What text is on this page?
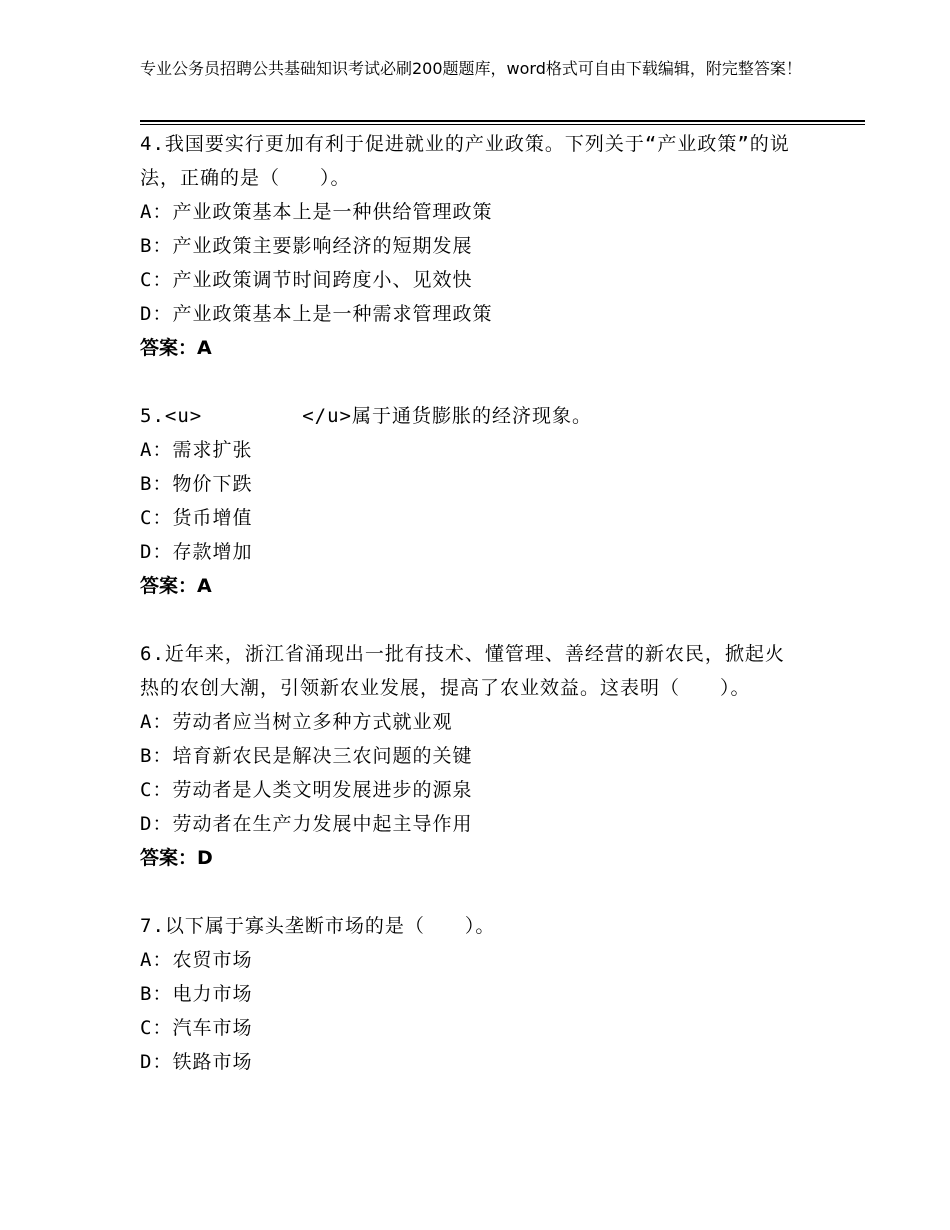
专业公务员招聘公共基础知识考试必刷200题题库，word格式可自由下载编辑，附完整答案！
4.我国要实行更加有利于促进就业的产业政策。下列关于“产业政策”的说法，正确的是（　　）。
A：产业政策基本上是一种供给管理政策
B：产业政策主要影响经济的短期发展
C：产业政策调节时间跨度小、见效快
D：产业政策基本上是一种需求管理政策
答案：A
5.<u>　　　　　</u>属于通货膨胀的经济现象。
A：需求扩张
B：物价下跌
C：货币增值
D：存款增加
答案：A
6.近年来，浙江省涌现出一批有技术、懂管理、善经营的新农民，掀起火热的农创大潮，引领新农业发展，提高了农业效益。这表明（　　）。
A：劳动者应当树立多种方式就业观
B：培育新农民是解决三农问题的关键
C：劳动者是人类文明发展进步的源泉
D：劳动者在生产力发展中起主导作用
答案：D
7.以下属于寡头垄断市场的是（　　）。
A：农贸市场
B：电力市场
C：汽车市场
D：铁路市场
